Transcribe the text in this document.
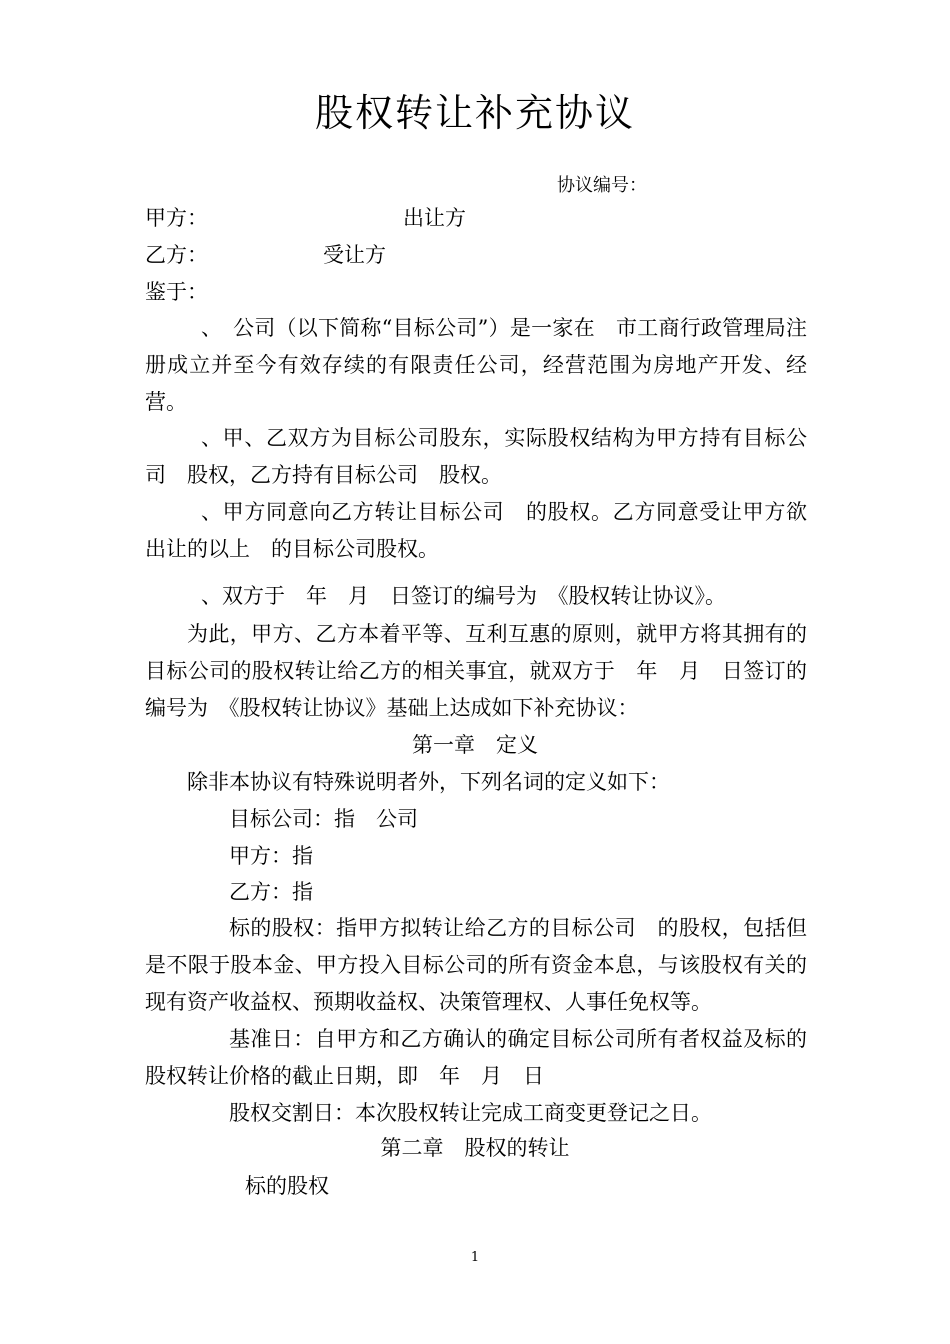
股权转让补充协议
协议编号：
甲方：	出让方
乙方：	受让方
鉴于：

、　公司（以下简称“目标公司”）是一家在　市工商行政管理局注册成立并至今有效存续的有限责任公司，经营范围为房地产开发、经营。

、甲、乙双方为目标公司股东，实际股权结构为甲方持有目标公司　股权，乙方持有目标公司　股权。

、甲方同意向乙方转让目标公司　的股权。乙方同意受让甲方欲出让的以上　的目标公司股权。

、双方于　年　月　日签订的编号为　《股权转让协议》。

为此，甲方、乙方本着平等、互利互惠的原则，就甲方将其拥有的目标公司的股权转让给乙方的相关事宜，就双方于　年　月　日签订的编号为　《股权转让协议》基础上达成如下补充协议：

第一章　定义

除非本协议有特殊说明者外，下列名词的定义如下：

目标公司：指　公司

甲方：指

乙方：指

标的股权：指甲方拟转让给乙方的目标公司　的股权，包括但是不限于股本金、甲方投入目标公司的所有资金本息，与该股权有关的现有资产收益权、预期收益权、决策管理权、人事任免权等。

基准日：自甲方和乙方确认的确定目标公司所有者权益及标的股权转让价格的截止日期，即　年　月　日

股权交割日：本次股权转让完成工商变更登记之日。

第二章　股权的转让
标的股权
1
